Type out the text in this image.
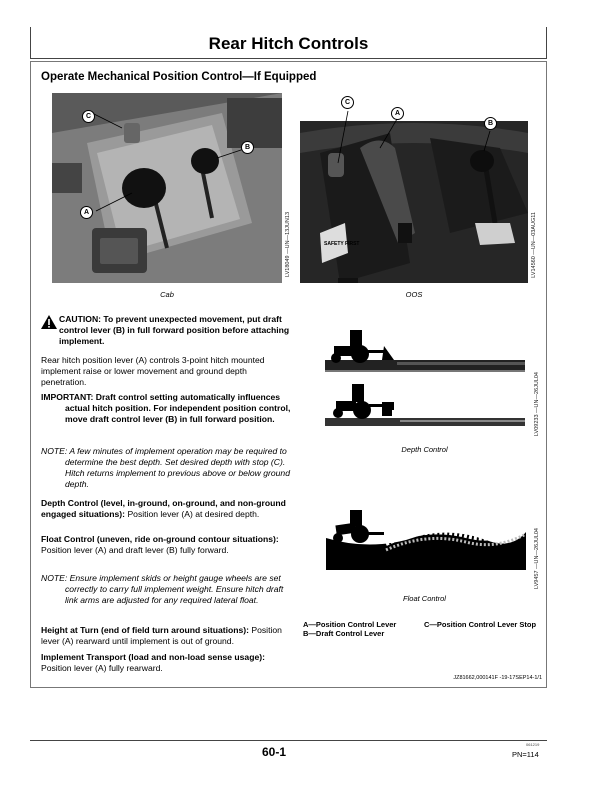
Rear Hitch Controls
Operate Mechanical Position Control—If Equipped
C
A
B
LV18049 —UN—13JUN13
Cab
SAFETY FIRST
C
A
B
LV14560 —UN—03AUG11
OOS
CAUTION: To prevent unexpected movement, put draft control lever (B) in full forward position before attaching implement.
Rear hitch position lever (A) controls 3-point hitch mounted implement raise or lower movement and ground depth penetration.
IMPORTANT: Draft control setting automatically influences actual hitch position. For independent position control, move draft control lever (B) in full forward position.
NOTE: A few minutes of implement operation may be required to determine the best depth. Set desired depth with stop (C). Hitch returns implement to previous above or below ground depth.
Depth Control (level, in-ground, on-ground, and non-ground engaged situations): Position lever (A) at desired depth.
Float Control (uneven, ride on-ground contour situations): Position lever (A) and draft lever (B) fully forward.
NOTE: Ensure implement skids or height gauge wheels are set correctly to carry full implement weight. Ensure hitch draft link arms are adjusted for any required lateral float.
Height at Turn (end of field turn around situations): Position lever (A) rearward until implement is out of ground.
Implement Transport (load and non-load sense usage): Position lever (A) fully rearward.
LV09233 —UN—26JUL04
Depth Control
LV9457 —UN—26JUL04
Float Control
A—Position Control Lever
B—Draft Control Lever
C—Position Control Lever Stop
JZ81662,000141F -19-17SEP14-1/1
60-1
061219
PN=114
